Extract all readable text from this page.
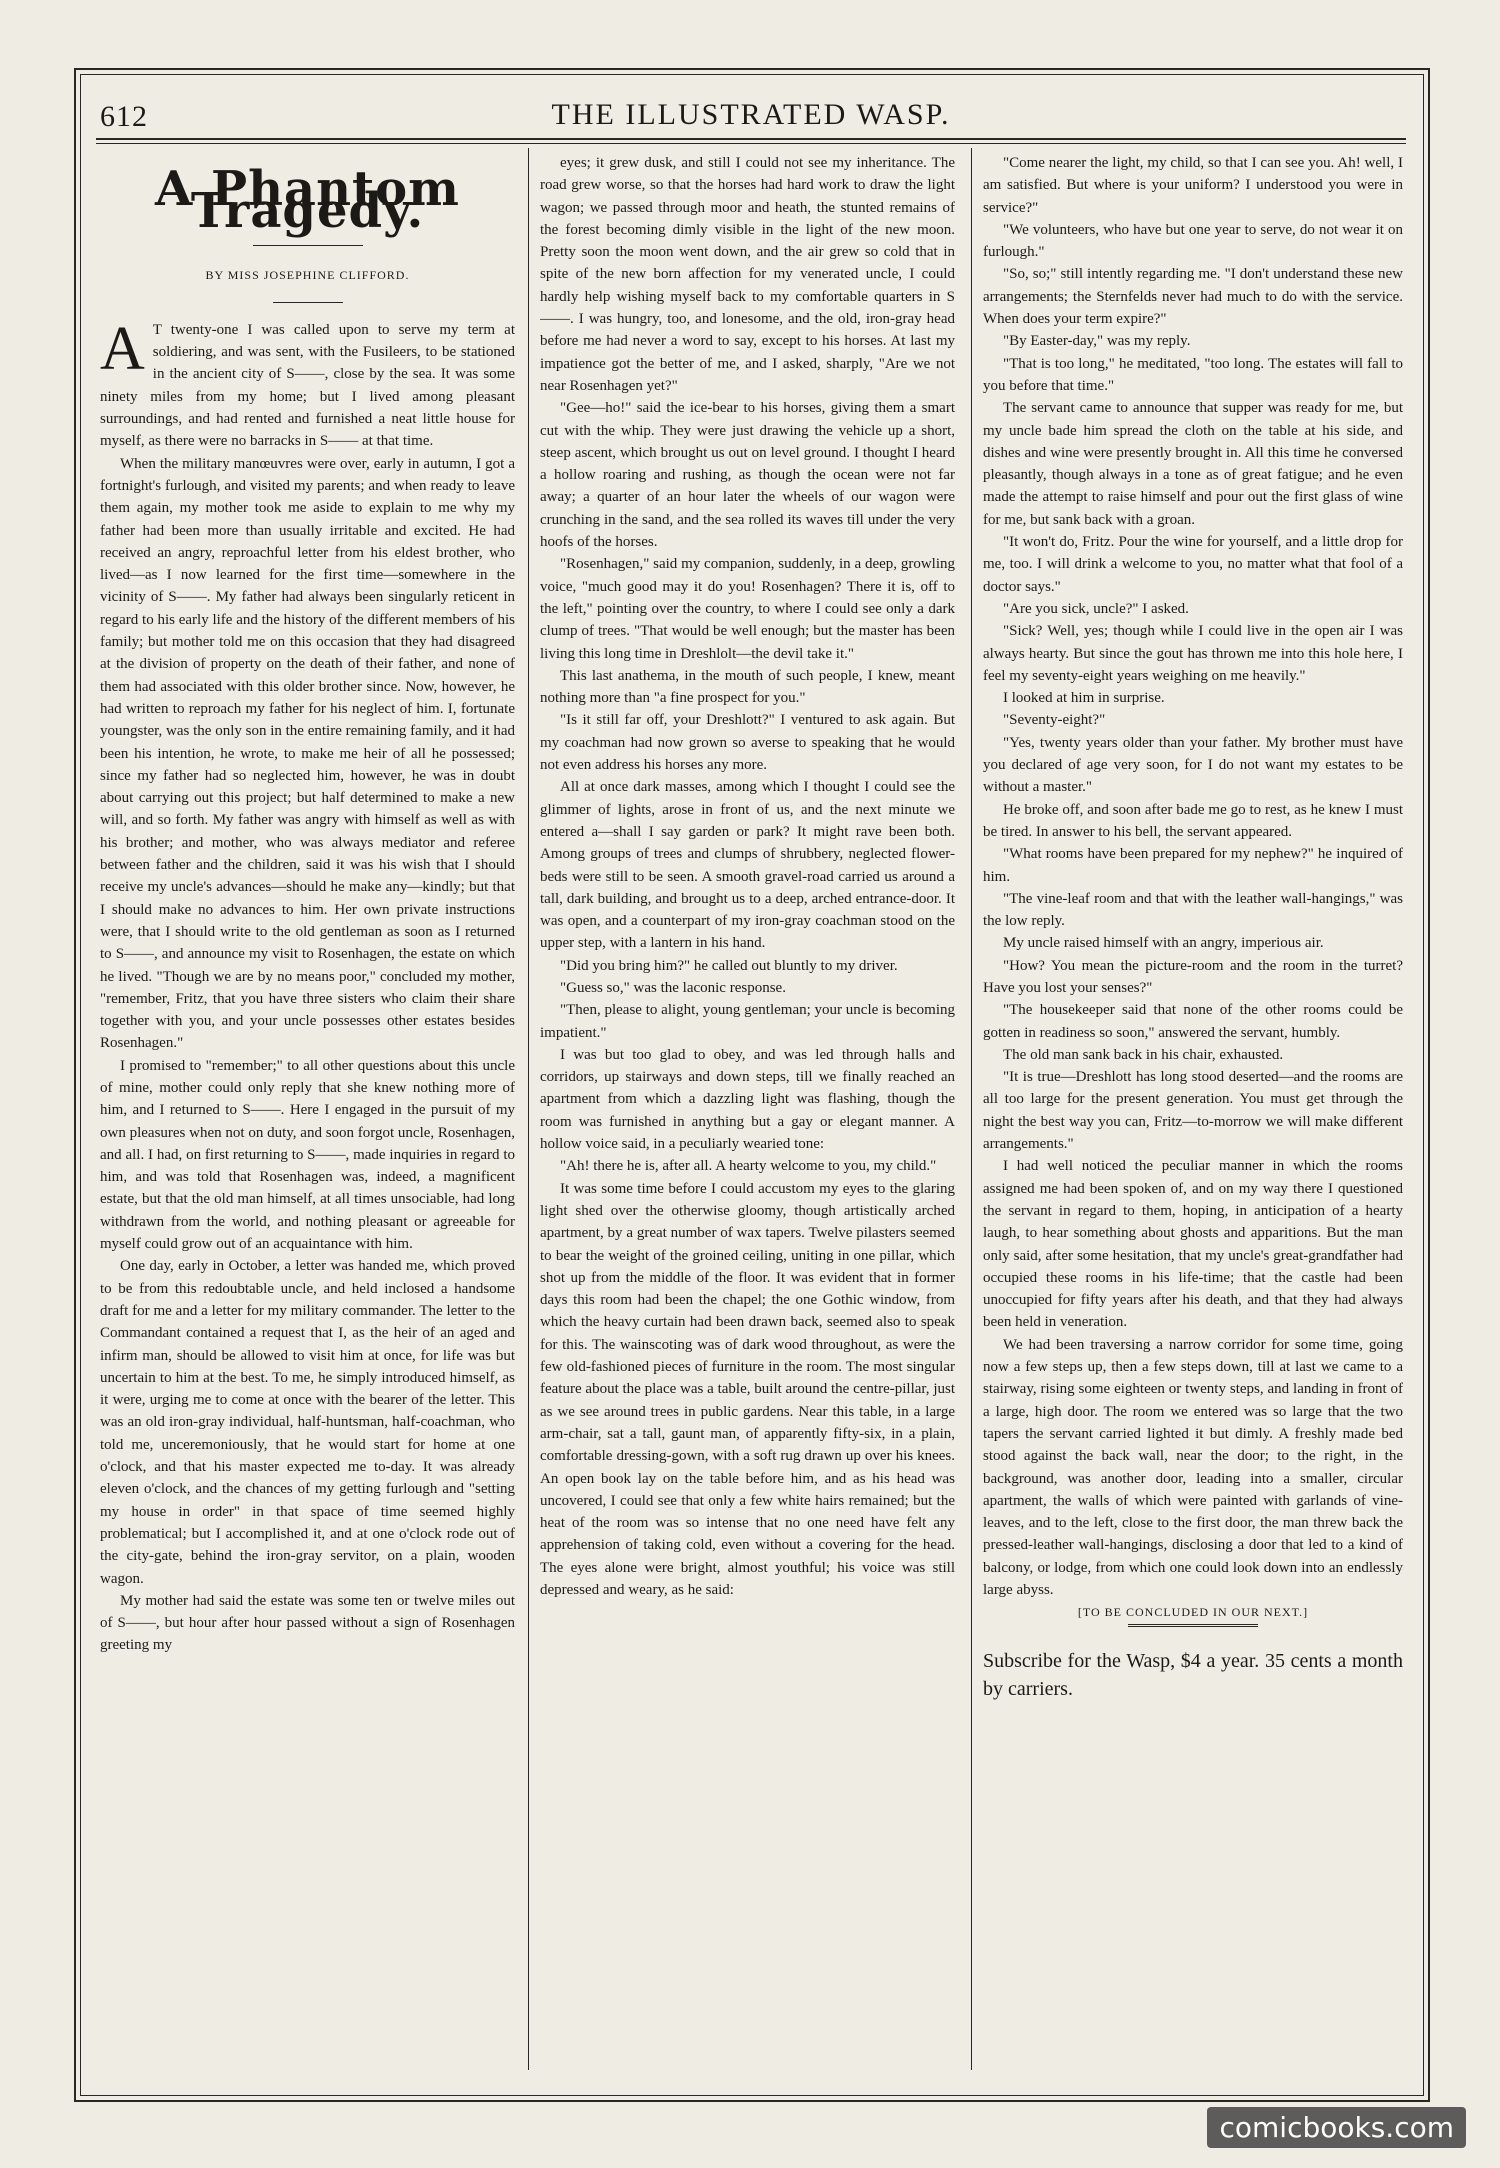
612	THE ILLUSTRATED WASP.
A Phantom Tragedy.
BY MISS JOSEPHINE CLIFFORD.

A T twenty-one I was called upon to serve my term at soldiering, and was sent, with the Fusileers, to be stationed in the ancient city of S——, close by the sea. It was some ninety miles from my home; but I lived among pleasant surroundings, and had rented and furnished a neat little house for myself, as there were no barracks in S—— at that time.

When the military manœuvres were over, early in autumn, I got a fortnight's furlough, and visited my parents; and when ready to leave them again, my mother took me aside to explain to me why my father had been more than usually irritable and excited. He had received an angry, reproachful letter from his eldest brother, who lived—as I now learned for the first time—somewhere in the vicinity of S——. My father had always been singularly reticent in regard to his early life and the history of the different members of his family; but mother told me on this occasion that they had disagreed at the division of property on the death of their father, and none of them had associated with this older brother since. Now, however, he had written to reproach my father for his neglect of him. I, fortunate youngster, was the only son in the entire remaining family, and it had been his intention, he wrote, to make me heir of all he possessed; since my father had so neglected him, however, he was in doubt about carrying out this project; but half determined to make a new will, and so forth. My father was angry with himself as well as with his brother; and mother, who was always mediator and referee between father and the children, said it was his wish that I should receive my uncle's advances—should he make any—kindly; but that I should make no advances to him. Her own private instructions were, that I should write to the old gentleman as soon as I returned to S——, and announce my visit to Rosenhagen, the estate on which he lived. "Though we are by no means poor," concluded my mother, "remember, Fritz, that you have three sisters who claim their share together with you, and your uncle possesses other estates besides Rosenhagen."

I promised to "remember;" to all other questions about this uncle of mine, mother could only reply that she knew nothing more of him, and I returned to S——. Here I engaged in the pursuit of my own pleasures when not on duty, and soon forgot uncle, Rosenhagen, and all. I had, on first returning to S——, made inquiries in regard to him, and was told that Rosenhagen was, indeed, a magnificent estate, but that the old man himself, at all times unsociable, had long withdrawn from the world, and nothing pleasant or agreeable for myself could grow out of an acquaintance with him.

One day, early in October, a letter was handed me, which proved to be from this redoubtable uncle, and held inclosed a handsome draft for me and a letter for my military commander. The letter to the Commandant contained a request that I, as the heir of an aged and infirm man, should be allowed to visit him at once, for life was but uncertain to him at the best. To me, he simply introduced himself, as it were, urging me to come at once with the bearer of the letter. This was an old iron-gray individual, half-huntsman, half-coachman, who told me, unceremoniously, that he would start for home at one o'clock, and that his master expected me to-day. It was already eleven o'clock, and the chances of my getting furlough and "setting my house in order" in that space of time seemed highly problematical; but I accomplished it, and at one o'clock rode out of the city-gate, behind the iron-gray servitor, on a plain, wooden wagon.

My mother had said the estate was some ten or twelve miles out of S——, but hour after hour passed without a sign of Rosenhagen greeting my

eyes; it grew dusk, and still I could not see my inheritance. The road grew worse, so that the horses had hard work to draw the light wagon; we passed through moor and heath, the stunted remains of the forest becoming dimly visible in the light of the new moon. Pretty soon the moon went down, and the air grew so cold that in spite of the new born affection for my venerated uncle, I could hardly help wishing myself back to my comfortable quarters in S——. I was hungry, too, and lonesome, and the old, iron-gray head before me had never a word to say, except to his horses. At last my impatience got the better of me, and I asked, sharply, "Are we not near Rosenhagen yet?"

"Gee—ho!" said the ice-bear to his horses, giving them a smart cut with the whip. They were just drawing the vehicle up a short, steep ascent, which brought us out on level ground. I thought I heard a hollow roaring and rushing, as though the ocean were not far away; a quarter of an hour later the wheels of our wagon were crunching in the sand, and the sea rolled its waves till under the very hoofs of the horses.

"Rosenhagen," said my companion, suddenly, in a deep, growling voice, "much good may it do you! Rosenhagen? There it is, off to the left," pointing over the country, to where I could see only a dark clump of trees. "That would be well enough; but the master has been living this long time in Dreshlolt—the devil take it."

This last anathema, in the mouth of such people, I knew, meant nothing more than "a fine prospect for you."

"Is it still far off, your Dreshlott?" I ventured to ask again. But my coachman had now grown so averse to speaking that he would not even address his horses any more.

All at once dark masses, among which I thought I could see the glimmer of lights, arose in front of us, and the next minute we entered a—shall I say garden or park? It might rave been both. Among groups of trees and clumps of shrubbery, neglected flower-beds were still to be seen. A smooth gravel-road carried us around a tall, dark building, and brought us to a deep, arched entrance-door. It was open, and a counterpart of my iron-gray coachman stood on the upper step, with a lantern in his hand.

"Did you bring him?" he called out bluntly to my driver.

"Guess so," was the laconic response.

"Then, please to alight, young gentleman; your uncle is becoming impatient."

I was but too glad to obey, and was led through halls and corridors, up stairways and down steps, till we finally reached an apartment from which a dazzling light was flashing, though the room was furnished in anything but a gay or elegant manner. A hollow voice said, in a peculiarly wearied tone:

"Ah! there he is, after all. A hearty welcome to you, my child."

It was some time before I could accustom my eyes to the glaring light shed over the otherwise gloomy, though artistically arched apartment, by a great number of wax tapers. Twelve pilasters seemed to bear the weight of the groined ceiling, uniting in one pillar, which shot up from the middle of the floor. It was evident that in former days this room had been the chapel; the one Gothic window, from which the heavy curtain had been drawn back, seemed also to speak for this. The wainscoting was of dark wood throughout, as were the few old-fashioned pieces of furniture in the room. The most singular feature about the place was a table, built around the centre-pillar, just as we see around trees in public gardens. Near this table, in a large arm-chair, sat a tall, gaunt man, of apparently fifty-six, in a plain, comfortable dressing-gown, with a soft rug drawn up over his knees. An open book lay on the table before him, and as his head was uncovered, I could see that only a few white hairs remained; but the heat of the room was so intense that no one need have felt any apprehension of taking cold, even without a covering for the head. The eyes alone were bright, almost youthful; his voice was still depressed and weary, as he said:

"Come nearer the light, my child, so that I can see you. Ah! well, I am satisfied. But where is your uniform? I understood you were in service?"

"We volunteers, who have but one year to serve, do not wear it on furlough."

"So, so;" still intently regarding me. "I don't understand these new arrangements; the Sternfelds never had much to do with the service. When does your term expire?"

"By Easter-day," was my reply.

"That is too long," he meditated, "too long. The estates will fall to you before that time."

The servant came to announce that supper was ready for me, but my uncle bade him spread the cloth on the table at his side, and dishes and wine were presently brought in. All this time he conversed pleasantly, though always in a tone as of great fatigue; and he even made the attempt to raise himself and pour out the first glass of wine for me, but sank back with a groan.

"It won't do, Fritz. Pour the wine for yourself, and a little drop for me, too. I will drink a welcome to you, no matter what that fool of a doctor says."

"Are you sick, uncle?" I asked.

"Sick? Well, yes; though while I could live in the open air I was always hearty. But since the gout has thrown me into this hole here, I feel my seventy-eight years weighing on me heavily."

I looked at him in surprise.

"Seventy-eight?"

"Yes, twenty years older than your father. My brother must have you declared of age very soon, for I do not want my estates to be without a master."

He broke off, and soon after bade me go to rest, as he knew I must be tired. In answer to his bell, the servant appeared.

"What rooms have been prepared for my nephew?" he inquired of him.

"The vine-leaf room and that with the leather wall-hangings," was the low reply.

My uncle raised himself with an angry, imperious air.

"How? You mean the picture-room and the room in the turret? Have you lost your senses?"

"The housekeeper said that none of the other rooms could be gotten in readiness so soon," answered the servant, humbly.

The old man sank back in his chair, exhausted.

"It is true—Dreshlott has long stood deserted—and the rooms are all too large for the present generation. You must get through the night the best way you can, Fritz—to-morrow we will make different arrangements."

I had well noticed the peculiar manner in which the rooms assigned me had been spoken of, and on my way there I questioned the servant in regard to them, hoping, in anticipation of a hearty laugh, to hear something about ghosts and apparitions. But the man only said, after some hesitation, that my uncle's great-grandfather had occupied these rooms in his life-time; that the castle had been unoccupied for fifty years after his death, and that they had always been held in veneration.

We had been traversing a narrow corridor for some time, going now a few steps up, then a few steps down, till at last we came to a stairway, rising some eighteen or twenty steps, and landing in front of a large, high door. The room we entered was so large that the two tapers the servant carried lighted it but dimly. A freshly made bed stood against the back wall, near the door; to the right, in the background, was another door, leading into a smaller, circular apartment, the walls of which were painted with garlands of vine-leaves, and to the left, close to the first door, the man threw back the pressed-leather wall-hangings, disclosing a door that led to a kind of balcony, or lodge, from which one could look down into an endlessly large abyss.

[TO BE CONCLUDED IN OUR NEXT.]

Subscribe for the Wasp, $4 a year. 35 cents a month by carriers.

comicbooks.com
